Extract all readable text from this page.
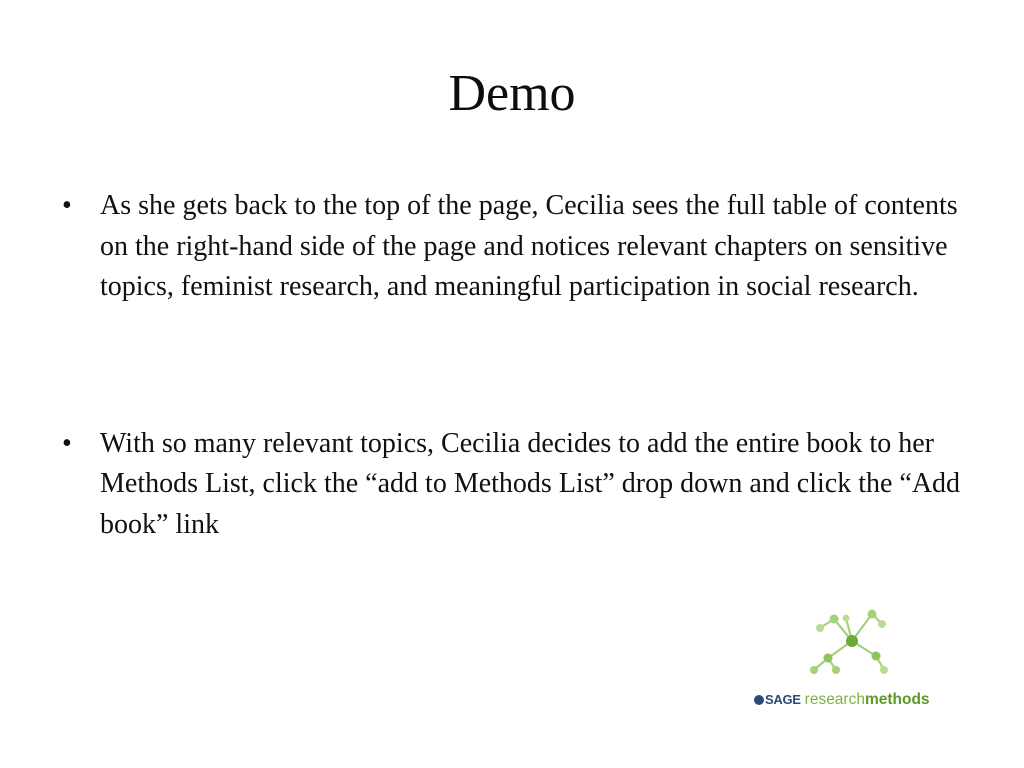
Demo
• As she gets back to the top of the page, Cecilia sees the full table of contents on the right-hand side of the page and notices relevant chapters on sensitive topics, feminist research, and meaningful participation in social research.
• With so many relevant topics, Cecilia decides to add the entire book to her Methods List, click the “add to Methods List” drop down and click the “Add book” link
SAGE researchmethods
